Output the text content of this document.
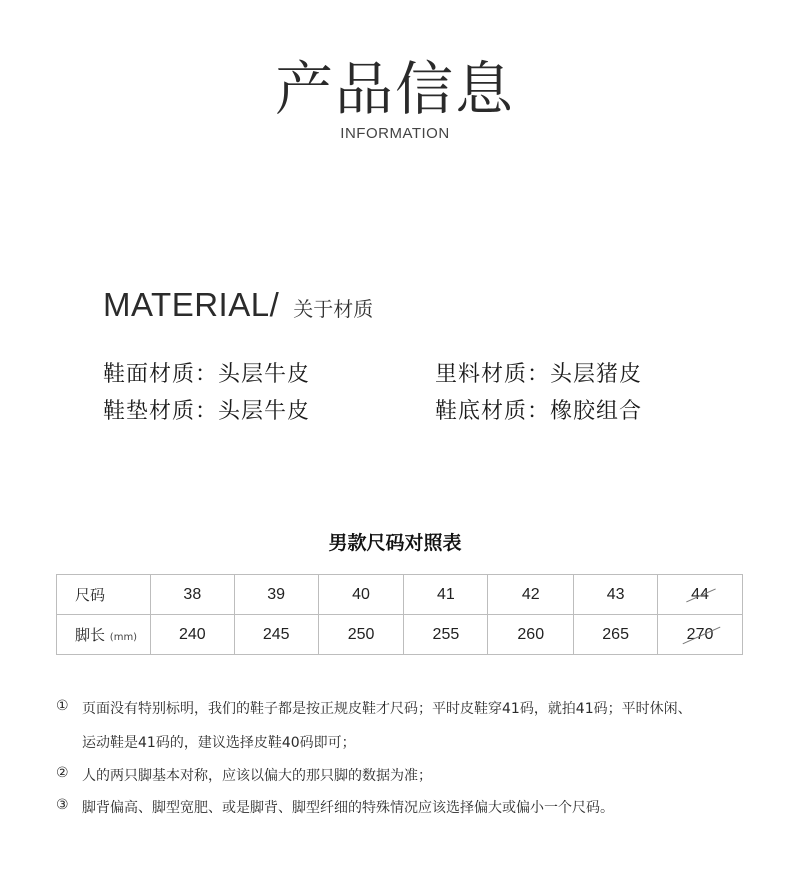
产品信息
INFORMATION
MATERIAL/ 关于材质
鞋面材质：头层牛皮	里料材质：头层猪皮
鞋垫材质：头层牛皮	鞋底材质：橡胶组合
男款尺码对照表
尺码	38	39	40	41	42	43	44
脚长 (mm)	240	245	250	255	260	265	270
① 页面没有特别标明，我们的鞋子都是按正规皮鞋才尺码；平时皮鞋穿41码，就拍41码；平时休闲、
运动鞋是41码的，建议选择皮鞋40码即可；
② 人的两只脚基本对称，应该以偏大的那只脚的数据为准；
③ 脚背偏高、脚型宽肥、或是脚背、脚型纤细的特殊情况应该选择偏大或偏小一个尺码。
